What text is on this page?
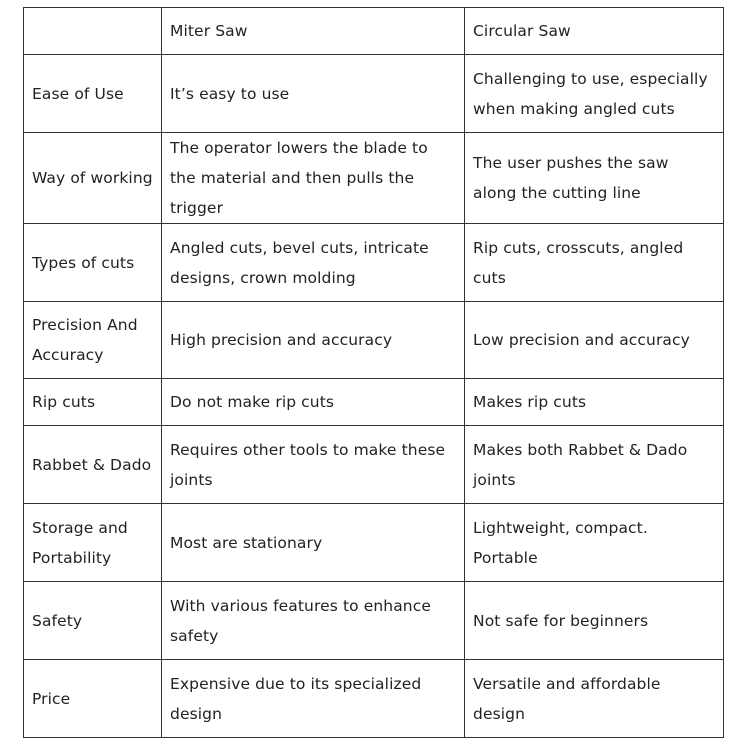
	Miter Saw	Circular Saw
Ease of Use	It’s easy to use	Challenging to use, especially when making angled cuts
Way of working	The operator lowers the blade to the material and then pulls the trigger	The user pushes the saw along the cutting line
Types of cuts	Angled cuts, bevel cuts, intricate designs, crown molding	Rip cuts, crosscuts, angled cuts
Precision And Accuracy	High precision and accuracy	Low precision and accuracy
Rip cuts	Do not make rip cuts	Makes rip cuts
Rabbet & Dado	Requires other tools to make these joints	Makes both Rabbet & Dado joints
Storage and Portability	Most are stationary	Lightweight, compact. Portable
Safety	With various features to enhance safety	Not safe for beginners
Price	Expensive due to its specialized design	Versatile and affordable design
